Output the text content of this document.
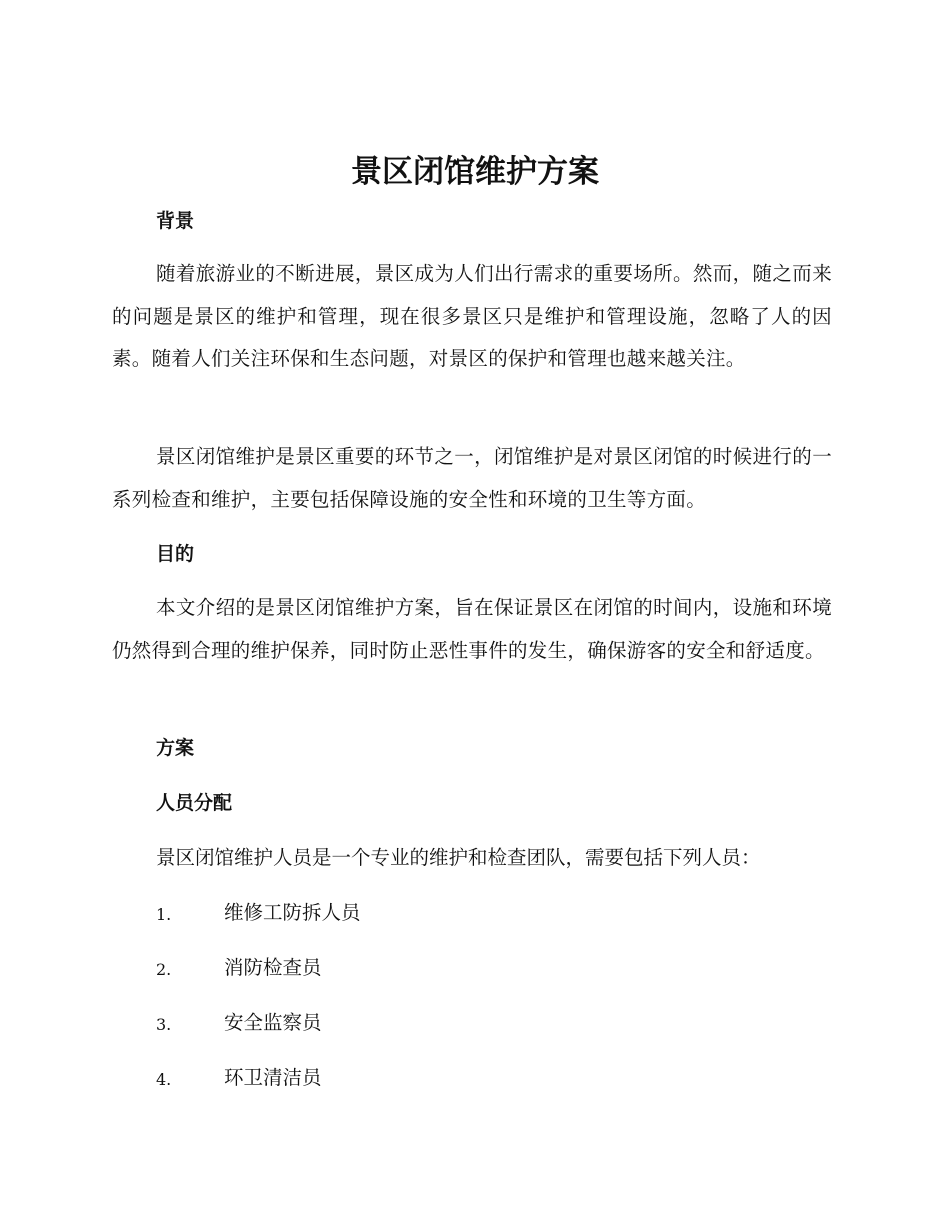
景区闭馆维护方案
背景

随着旅游业的不断进展，景区成为人们出行需求的重要场所。然而，随之而来的问题是景区的维护和管理，现在很多景区只是维护和管理设施，忽略了人的因素。随着人们关注环保和生态问题，对景区的保护和管理也越来越关注。

景区闭馆维护是景区重要的环节之一，闭馆维护是对景区闭馆的时候进行的一系列检查和维护，主要包括保障设施的安全性和环境的卫生等方面。

目的

本文介绍的是景区闭馆维护方案，旨在保证景区在闭馆的时间内，设施和环境仍然得到合理的维护保养，同时防止恶性事件的发生，确保游客的安全和舒适度。

方案
人员分配

景区闭馆维护人员是一个专业的维护和检查团队，需要包括下列人员：

1.	维修工防拆人员
2.	消防检查员
3.	安全监察员
4.	环卫清洁员
